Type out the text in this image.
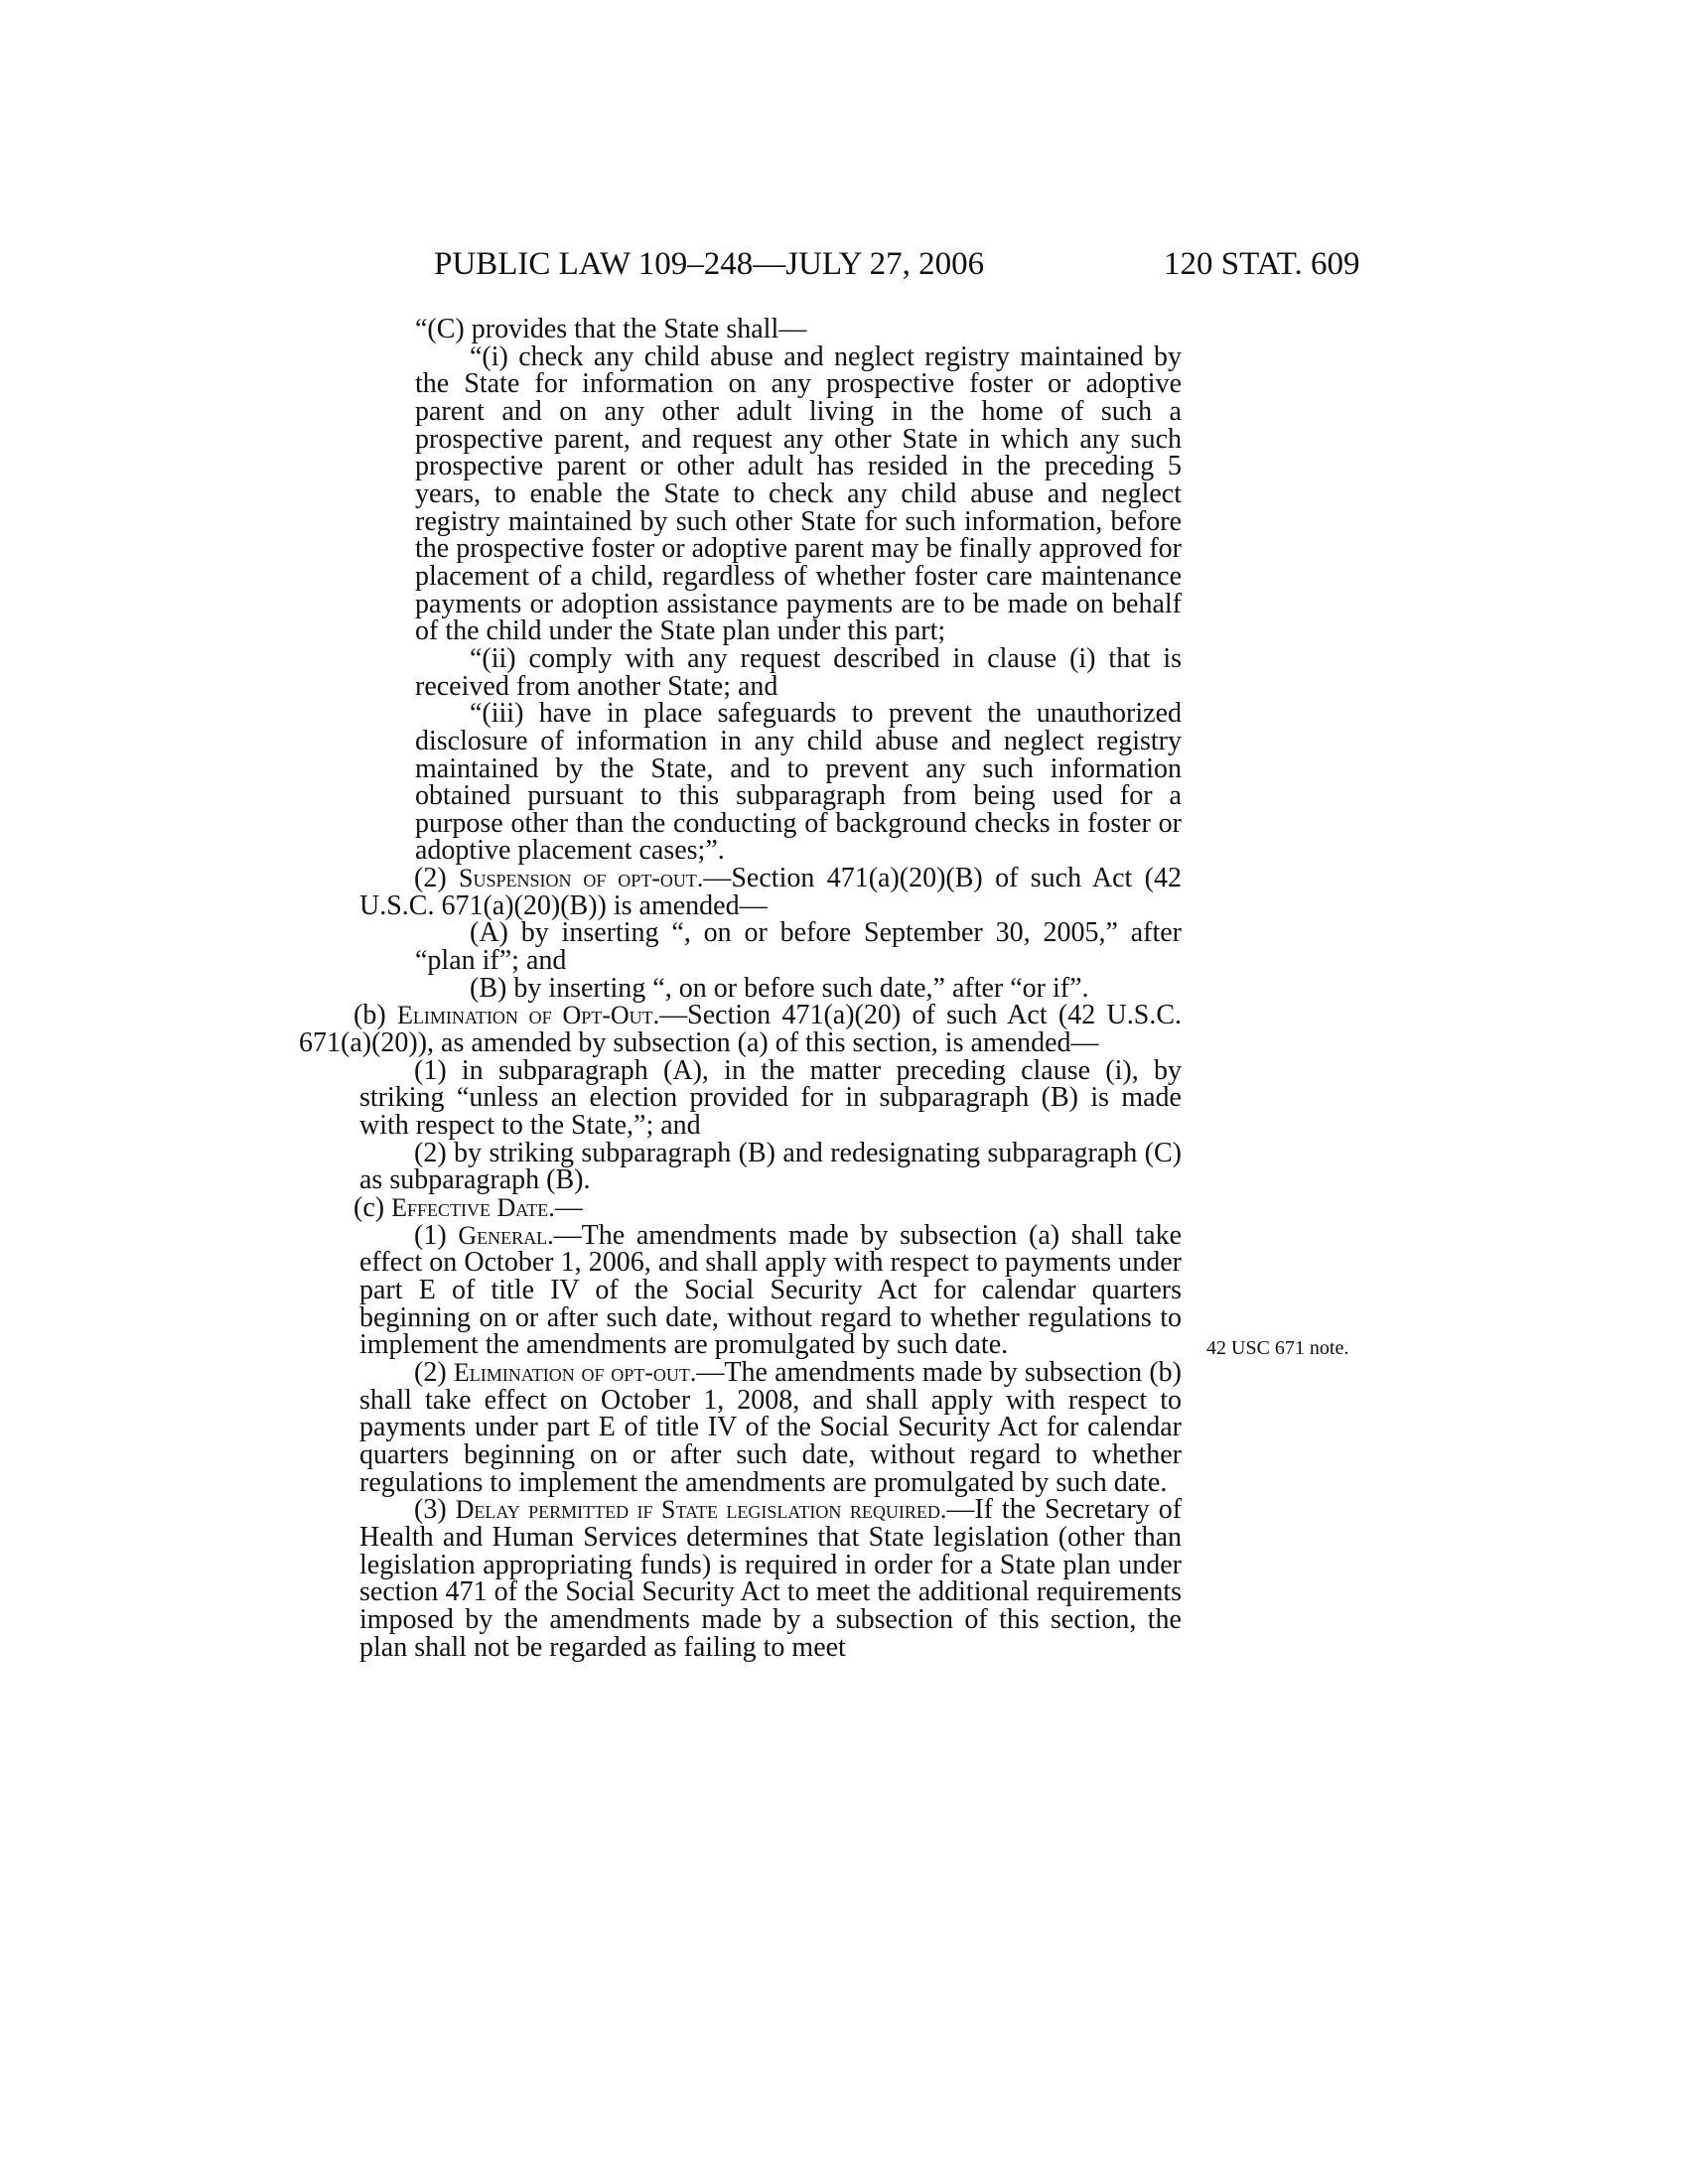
PUBLIC LAW 109–248—JULY 27, 2006	120 STAT. 609
42 USC 671 note.

“(C) provides that the State shall—

“(i) check any child abuse and neglect registry maintained by the State for information on any prospective foster or adoptive parent and on any other adult living in the home of such a prospective parent, and request any other State in which any such prospective parent or other adult has resided in the preceding 5 years, to enable the State to check any child abuse and neglect registry maintained by such other State for such information, before the prospective foster or adoptive parent may be finally approved for placement of a child, regardless of whether foster care maintenance payments or adoption assistance payments are to be made on behalf of the child under the State plan under this part;

“(ii) comply with any request described in clause (i) that is received from another State; and

“(iii) have in place safeguards to prevent the unauthorized disclosure of information in any child abuse and neglect registry maintained by the State, and to prevent any such information obtained pursuant to this subparagraph from being used for a purpose other than the conducting of background checks in foster or adoptive placement cases;”.

(2) Suspension of opt-out.—Section 471(a)(20)(B) of such Act (42 U.S.C. 671(a)(20)(B)) is amended—

(A) by inserting “, on or before September 30, 2005,” after “plan if”; and

(B) by inserting “, on or before such date,” after “or if”.

(b) Elimination of Opt-Out.—Section 471(a)(20) of such Act (42 U.S.C. 671(a)(20)), as amended by subsection (a) of this section, is amended—

(1) in subparagraph (A), in the matter preceding clause (i), by striking “unless an election provided for in subparagraph (B) is made with respect to the State,”; and

(2) by striking subparagraph (B) and redesignating subparagraph (C) as subparagraph (B).

(c) Effective Date.—

(1) General.—The amendments made by subsection (a) shall take effect on October 1, 2006, and shall apply with respect to payments under part E of title IV of the Social Security Act for calendar quarters beginning on or after such date, without regard to whether regulations to implement the amendments are promulgated by such date.

(2) Elimination of opt-out.—The amendments made by subsection (b) shall take effect on October 1, 2008, and shall apply with respect to payments under part E of title IV of the Social Security Act for calendar quarters beginning on or after such date, without regard to whether regulations to implement the amendments are promulgated by such date.

(3) Delay permitted if State legislation required.—If the Secretary of Health and Human Services determines that State legislation (other than legislation appropriating funds) is required in order for a State plan under section 471 of the Social Security Act to meet the additional requirements imposed by the amendments made by a subsection of this section, the plan shall not be regarded as failing to meet
